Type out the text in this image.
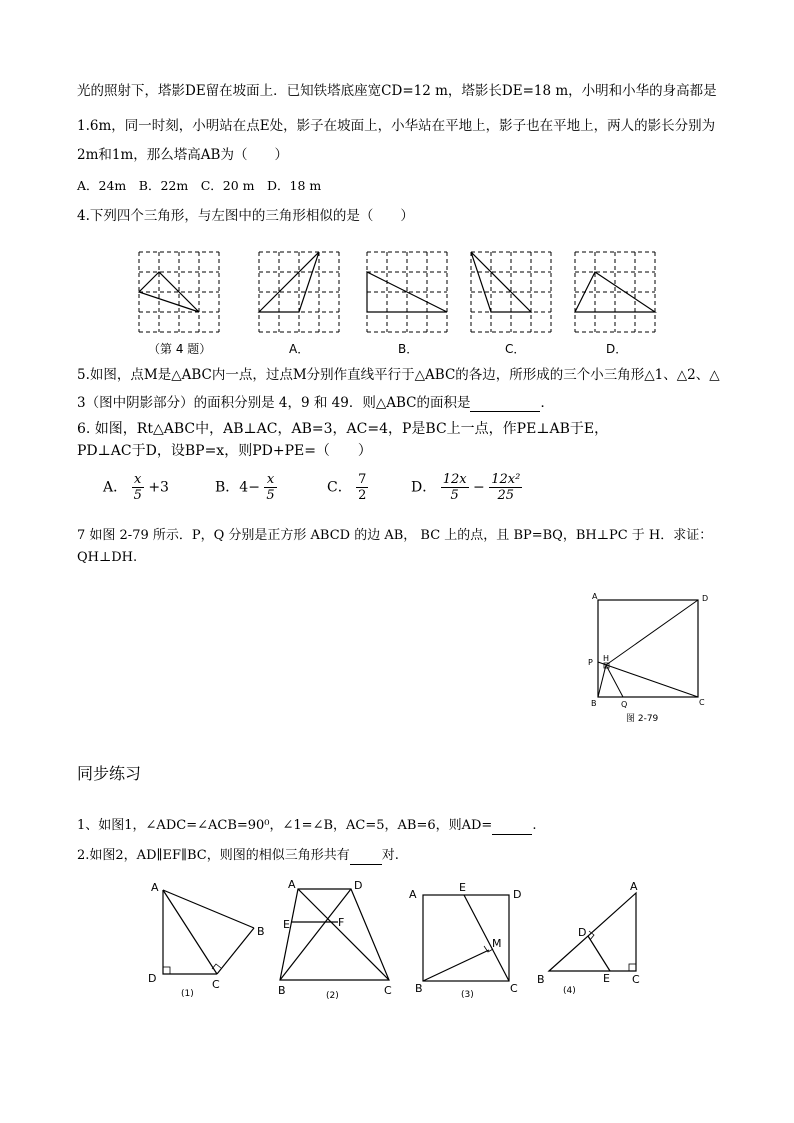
光的照射下，塔影DE留在坡面上．已知铁塔底座宽CD=12 m，塔影长DE=18 m，小明和小华的身高都是
1.6m，同一时刻，小明站在点E处，影子在坡面上，小华站在平地上，影子也在平地上，两人的影长分别为
2m和1m，那么塔高AB为（　　）
A．24m　B．22m　C．20 m　D．18 m
4.下列四个三角形，与左图中的三角形相似的是（　　）
（第 4 题）	A．	B．	C．	D．
5.如图，点M是△ABC内一点，过点M分别作直线平行于△ABC的各边，所形成的三个小三角形△1、△2、△
3（图中阴影部分）的面积分别是 4，9 和 49．则△ABC的面积是	．
6. 如图，Rt△ABC中，AB⊥AC，AB=3，AC=4，P是BC上一点，作PE⊥AB于E，
PD⊥AC于D，设BP=x，则PD+PE=（　　）
A． $\frac{x}{5} +3$	B．$4- \frac{x}{5}$	C． $\frac{7}{2}$	D． $\frac{12x}{5} - \frac{\text{12x²}}{25}$
7 如图 2-79 所示．P，Q 分别是正方形 ABCD 的边 AB， BC 上的点，且 BP=BQ，BH⊥PC 于 H．求证：
QH⊥DH.
A	D
P H
B	Q	C
图 2-79
同步练习
1、如图1，∠ADC=∠ACB=90⁰，∠1=∠B，AC=5，AB=6，则AD=	.
2.如图2，AD∥EF∥BC，则图的相似三角形共有 对.
A
B
C
D
(1)
A	D
E	F
B	C
(2)
A
E
D
M
B	C
(3)
A
D
B	E C
(4)
